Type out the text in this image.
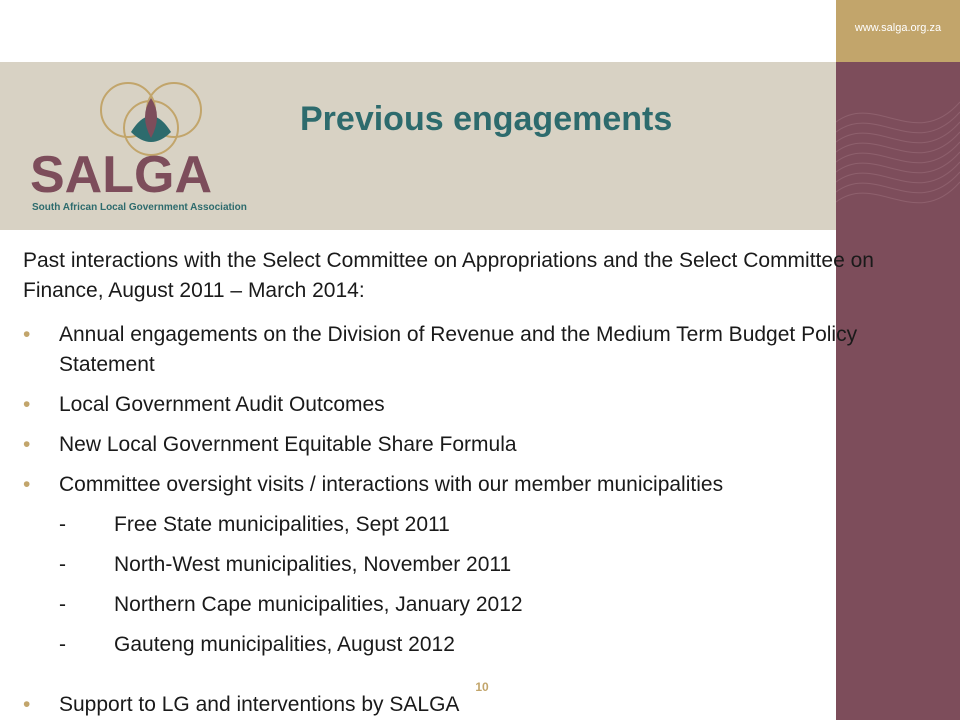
www.salga.org.za
SALGA
South African Local Government Association
Previous engagements
Past interactions with the Select Committee on Appropriations and the Select Committee on Finance, August 2011 – March 2014:
• Annual engagements on the Division of Revenue and the Medium Term Budget Policy Statement
• Local Government Audit Outcomes
• New Local Government Equitable Share Formula
• Committee oversight visits / interactions with our member municipalities
- Free State municipalities, Sept 2011
- North-West municipalities, November 2011
- Northern Cape municipalities, January 2012
- Gauteng municipalities, August 2012
• Support to LG and interventions by SALGA
10
